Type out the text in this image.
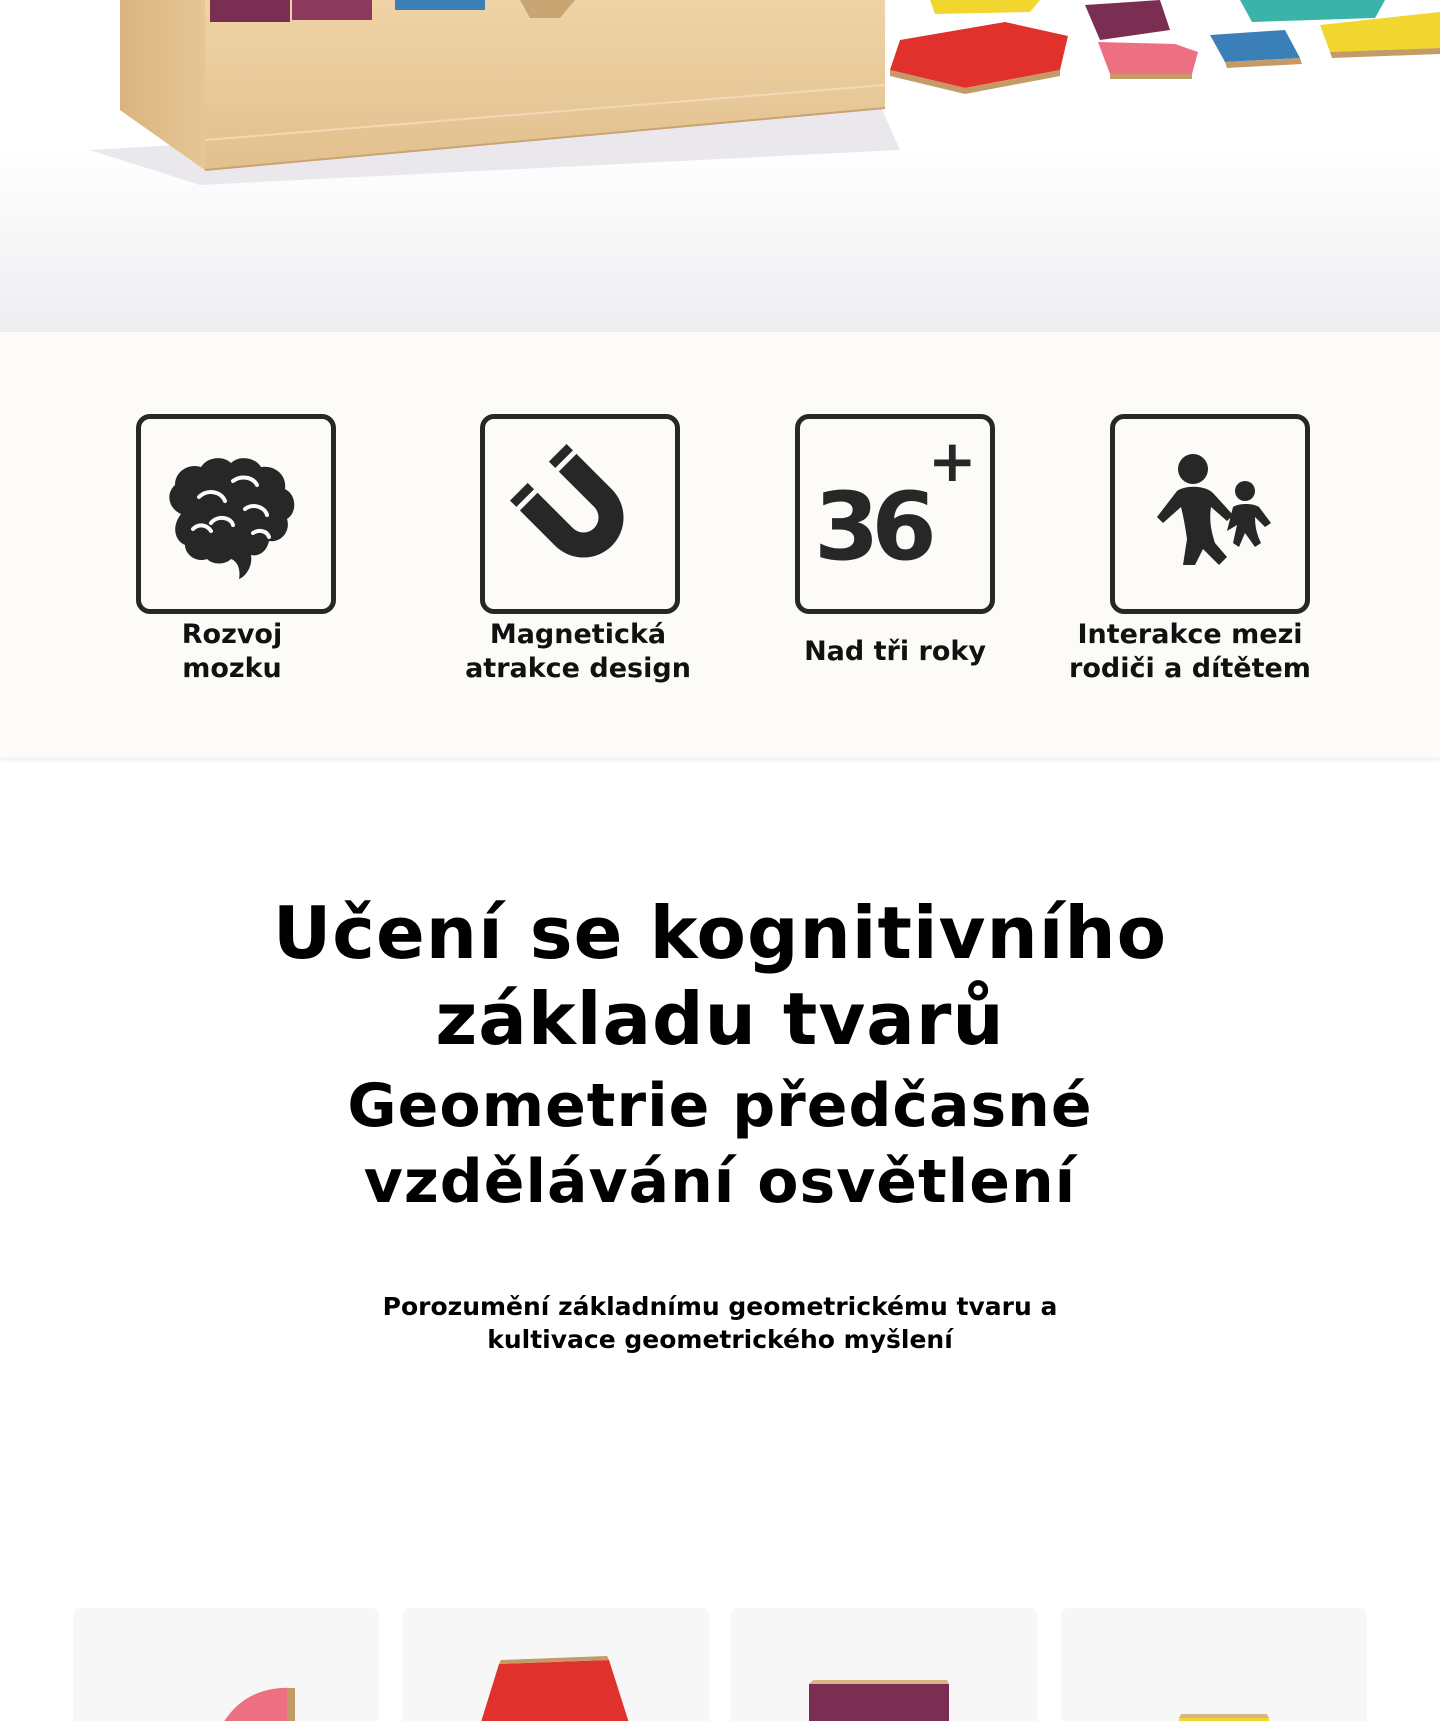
Rozvoj
mozku
Magnetická
atrakce design
36
+
Nad tři roky
Interakce mezi
rodiči a dítětem
Učení se kognitivního
základu tvarů
Geometrie předčasné
vzdělávání osvětlení

Porozumění základnímu geometrickému tvaru a
kultivace geometrického myšlení
